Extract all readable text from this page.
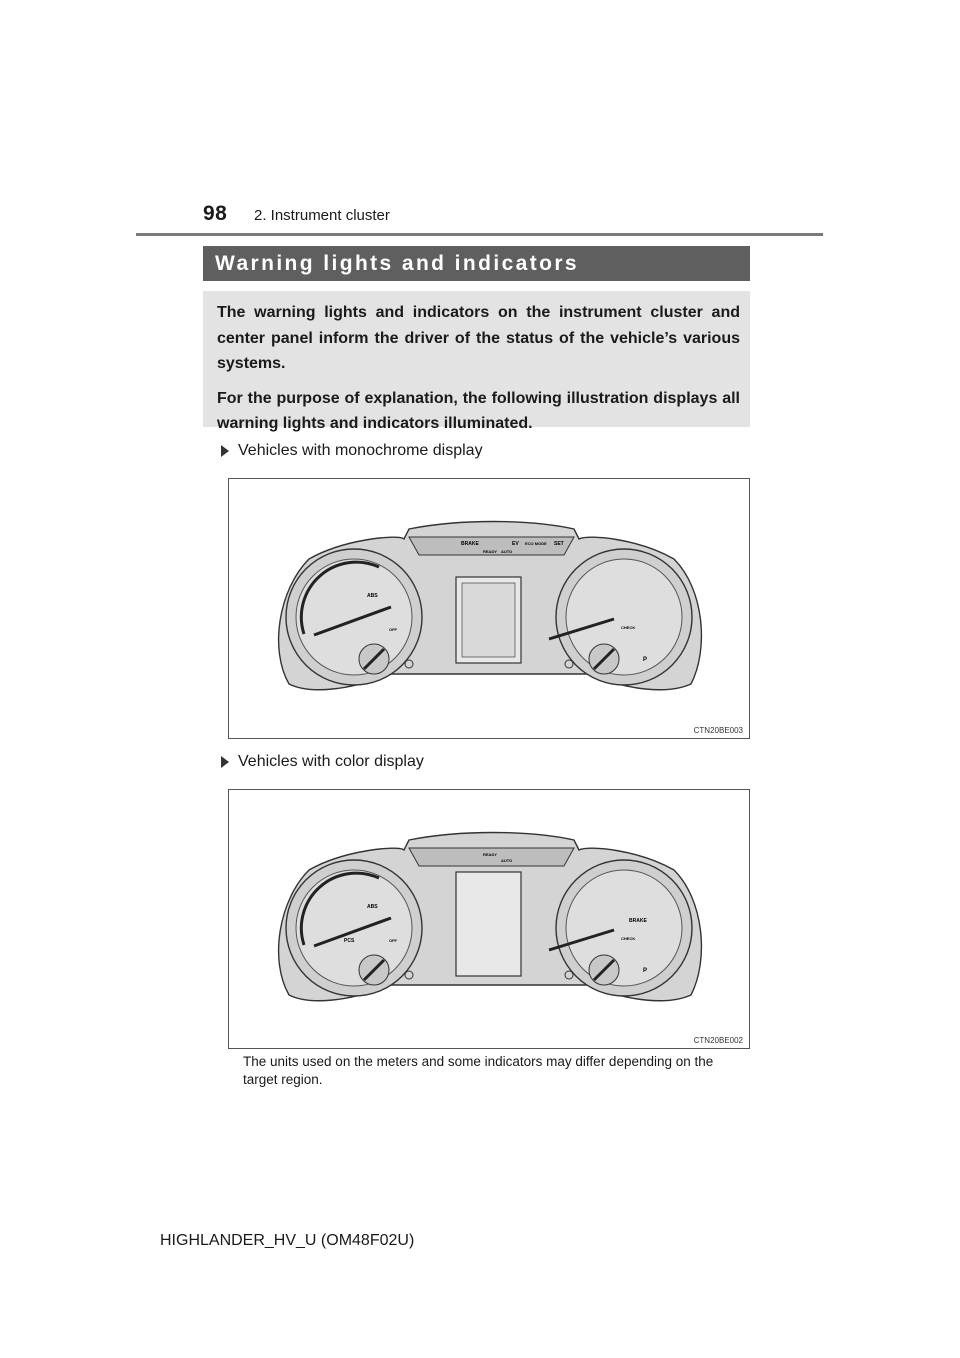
98 2. Instrument cluster
Warning lights and indicators

The warning lights and indicators on the instrument cluster and center panel inform the driver of the status of the vehicle’s various systems.

For the purpose of explanation, the following illustration displays all warning lights and indicators illuminated.

Vehicles with monochrome display
BRAKE	EV ECO MODE SET
READY AUTO
ABS
OFF	CHECK
P
CTN20BE003
Vehicles with color display
READY
AUTO
ABS
PCS	OFF
BRAKE
CHECK
P
CTN20BE002
The units used on the meters and some indicators may differ depending on the target region.
HIGHLANDER_HV_U (OM48F02U)
